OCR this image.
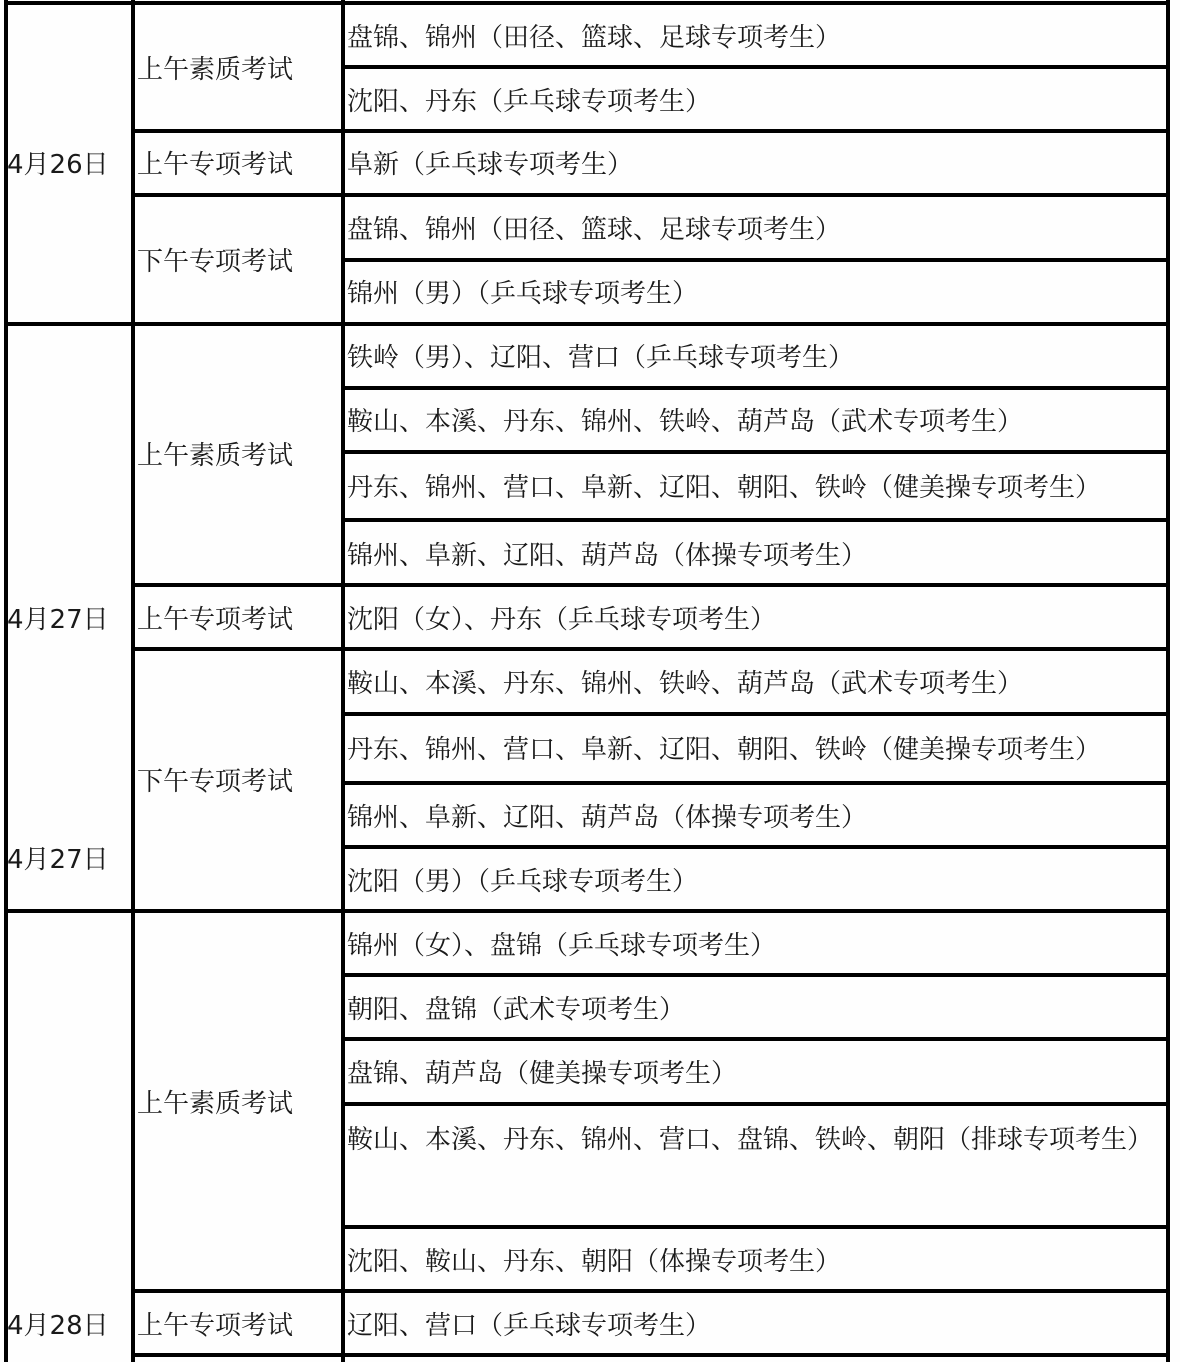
4月26日
上午素质考试
上午专项考试
下午专项考试
盘锦、锦州（田径、篮球、足球专项考生）
沈阳、丹东（乒乓球专项考生）
阜新（乒乓球专项考生）
盘锦、锦州（田径、篮球、足球专项考生）
锦州（男）（乒乓球专项考生）
4月27日
4月27日
上午素质考试
上午专项考试
下午专项考试
铁岭（男）、辽阳、营口（乒乓球专项考生）
鞍山、本溪、丹东、锦州、铁岭、葫芦岛（武术专项考生）
丹东、锦州、营口、阜新、辽阳、朝阳、铁岭（健美操专项考生）
锦州、阜新、辽阳、葫芦岛（体操专项考生）
沈阳（女）、丹东（乒乓球专项考生）
鞍山、本溪、丹东、锦州、铁岭、葫芦岛（武术专项考生）
丹东、锦州、营口、阜新、辽阳、朝阳、铁岭（健美操专项考生）
锦州、阜新、辽阳、葫芦岛（体操专项考生）
沈阳（男）（乒乓球专项考生）
4月28日
上午素质考试
上午专项考试
锦州（女）、盘锦（乒乓球专项考生）
朝阳、盘锦（武术专项考生）
盘锦、葫芦岛（健美操专项考生）
鞍山、本溪、丹东、锦州、营口、盘锦、铁岭、朝阳（排球专项考生）
沈阳、鞍山、丹东、朝阳（体操专项考生）
辽阳、营口（乒乓球专项考生）
